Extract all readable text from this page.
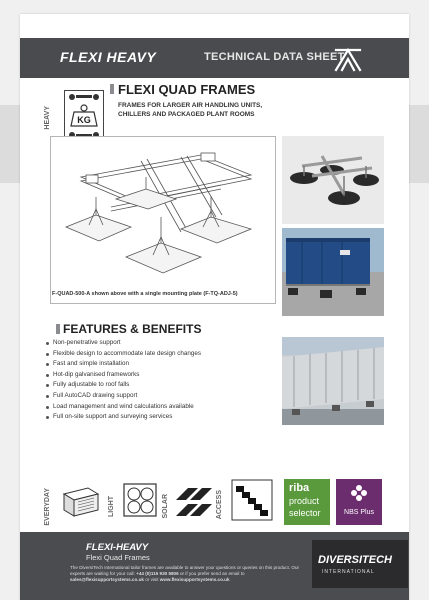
FLEXI HEAVY	TECHNICAL DATA SHEET
HEAVY	KG
FLEXI QUAD FRAMES
FRAMES FOR LARGER AIR HANDLING UNITS, CHILLERS AND PACKAGED PLANT ROOMS
F-QUAD-500-A shown above with a single mounting plate (F-TQ-ADJ-5)
FEATURES & BENEFITS
Non-penetrative support
Flexible design to accommodate late design changes
Fast and simple installation
Hot-dip galvanised frameworks
Fully adjustable to roof falls
Full AutoCAD drawing support
Load management and wind calculations available
Full on-site support and surveying services
EVERYDAY	LIGHT	SOLAR	ACCESS
riba
product
selector	NBS Plus
FLEXI-HEAVY
Flexi Quad Frames
The DiversiTech International tailor frames are available to answer your questions or queries on this product. Our experts are waiting for your call: +44 (0)115 930 5806 or if you prefer send an email to sales@flexisupportsystems.co.uk or visit www.flexisupportsystems.co.uk
DIVERSITECH
INTERNATIONAL
